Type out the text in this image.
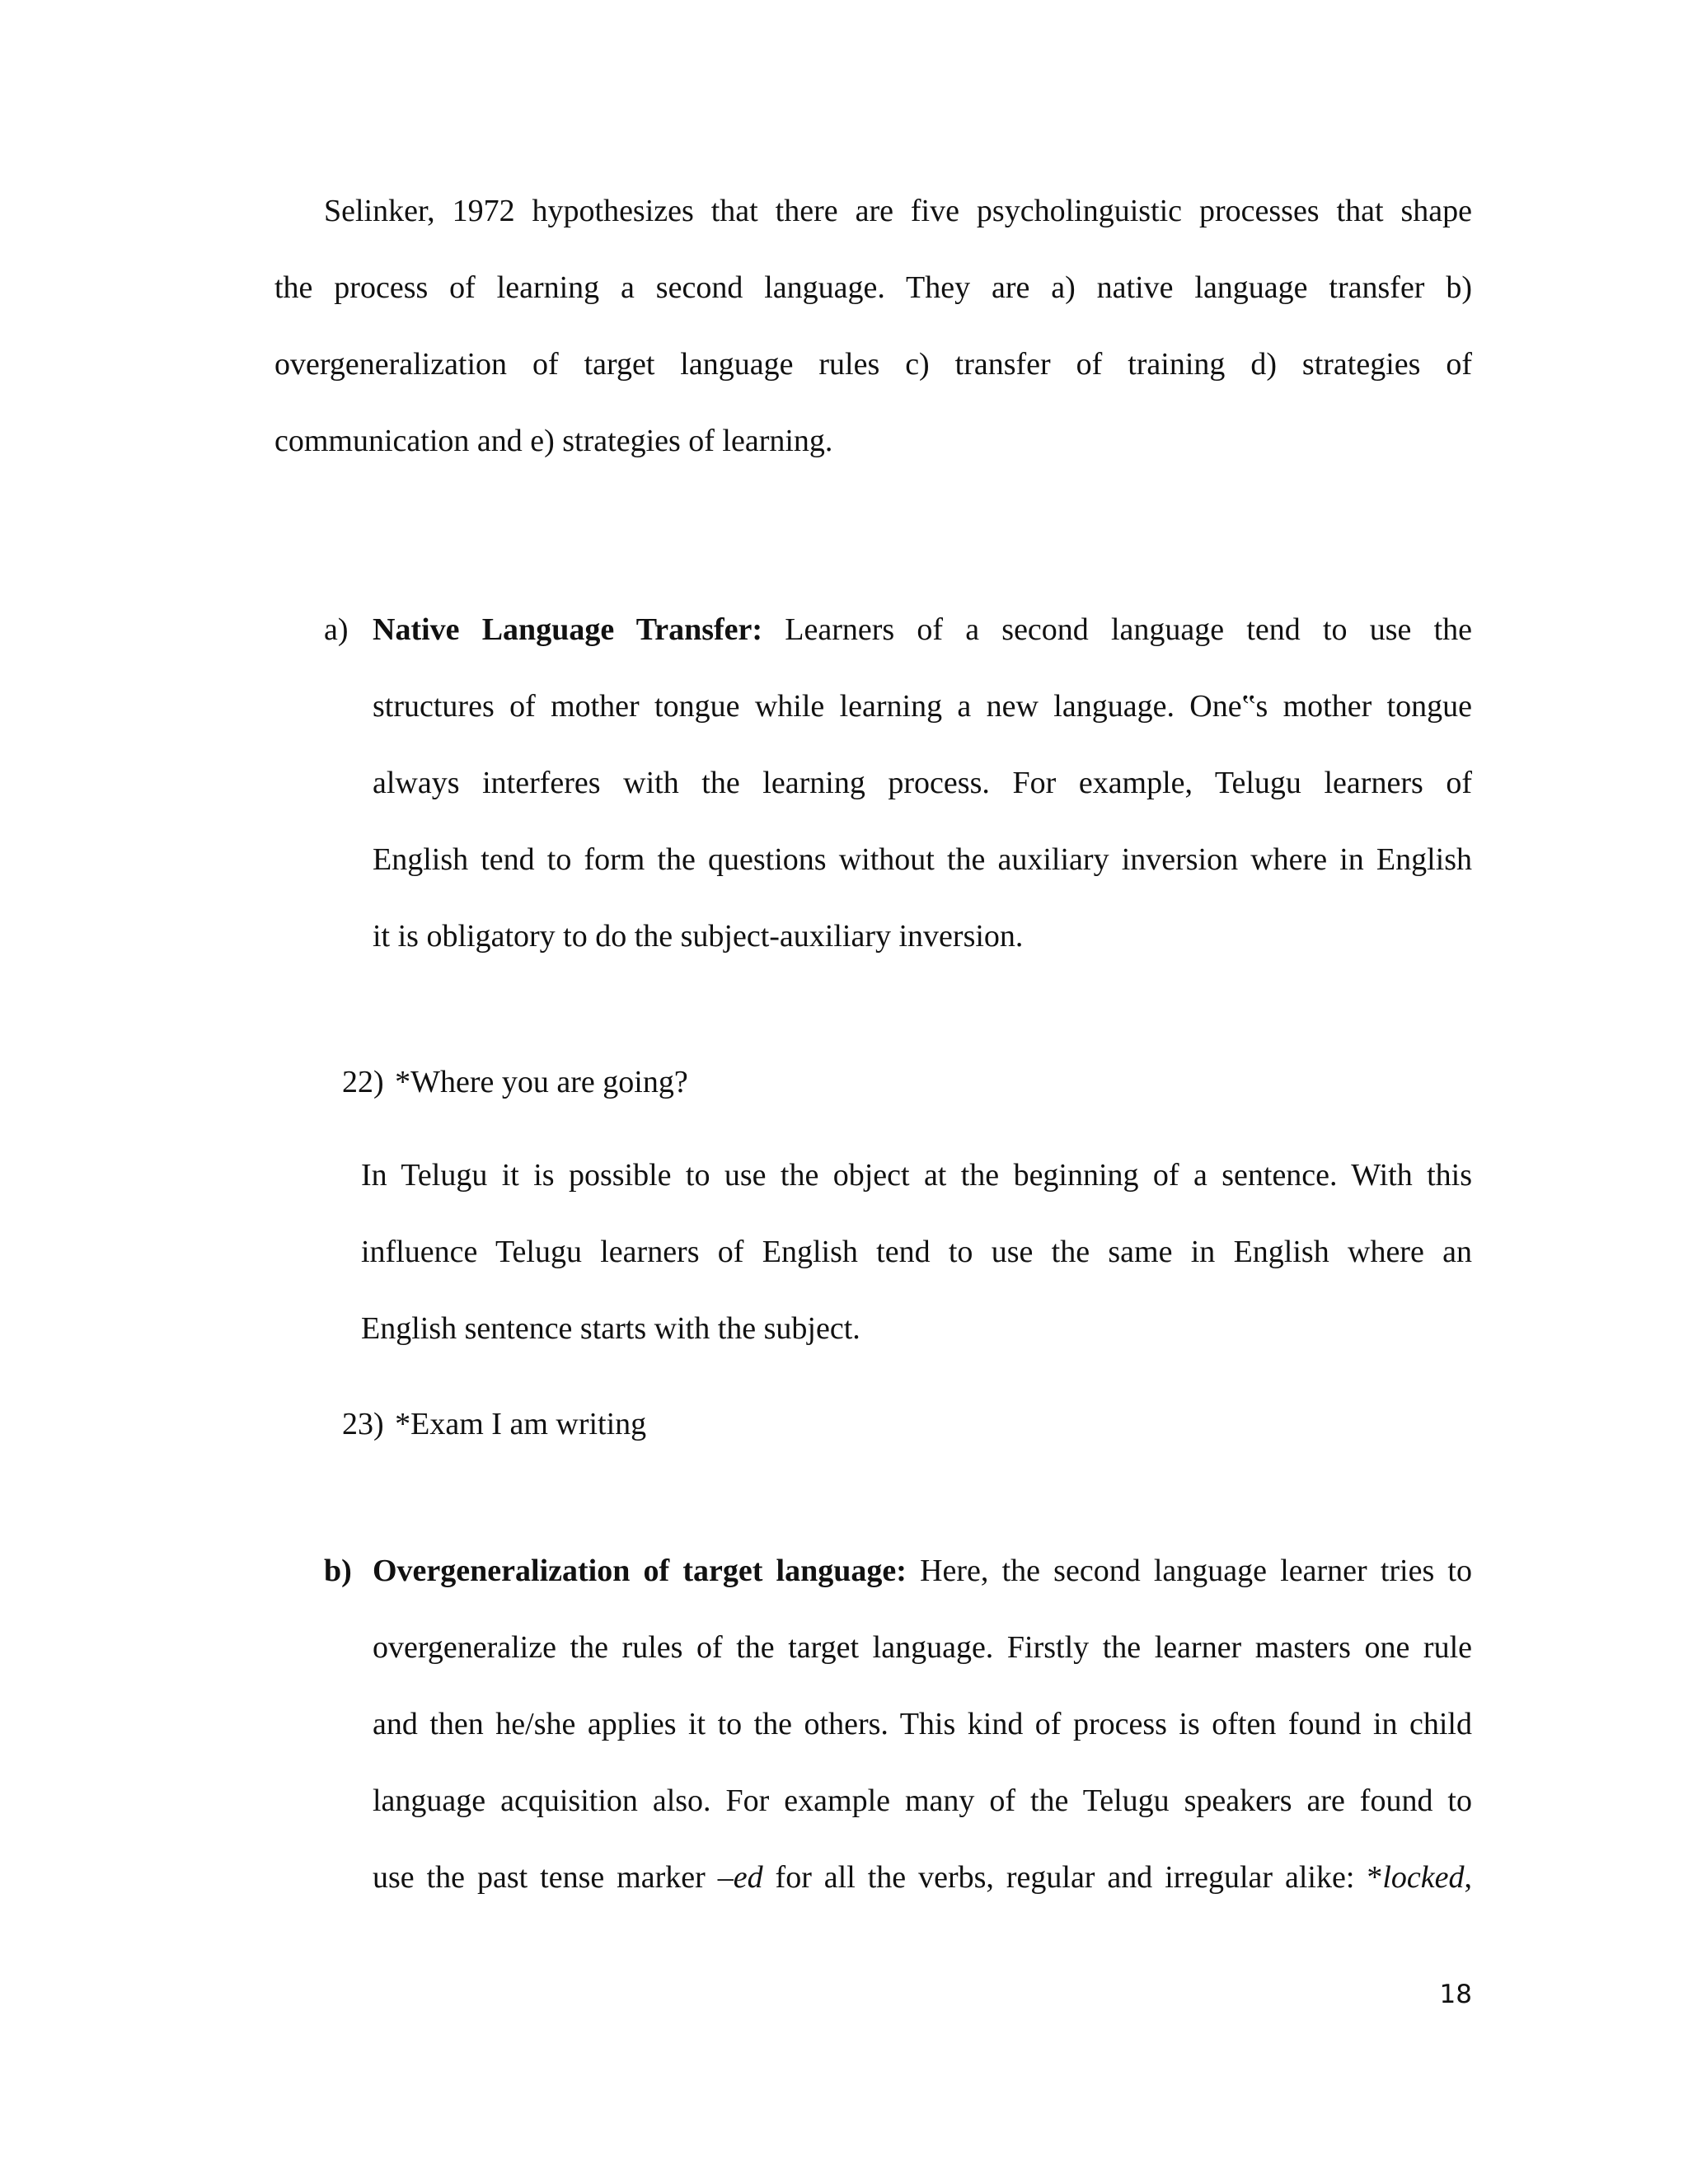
Selinker, 1972 hypothesizes that there are five psycholinguistic processes that shape

the process of learning a second language. They are a) native language transfer b)

overgeneralization of target language rules c) transfer of training d) strategies of

communication and e) strategies of learning.

a) Native Language Transfer: Learners of a second language tend to use the

structures of mother tongue while learning a new language. One‟s mother tongue

always interferes with the learning process. For example, Telugu learners of

English tend to form the questions without the auxiliary inversion where in English

it is obligatory to do the subject-auxiliary inversion.

22) *Where you are going?

In Telugu it is possible to use the object at the beginning of a sentence. With this

influence Telugu learners of English tend to use the same in English where an

English sentence starts with the subject.

23) *Exam I am writing
b) Overgeneralization of target language: Here, the second language learner tries to

overgeneralize the rules of the target language. Firstly the learner masters one rule

and then he/she applies it to the others. This kind of process is often found in child

language acquisition also. For example many of the Telugu speakers are found to

use the past tense marker –ed for all the verbs, regular and irregular alike: *locked,

18
